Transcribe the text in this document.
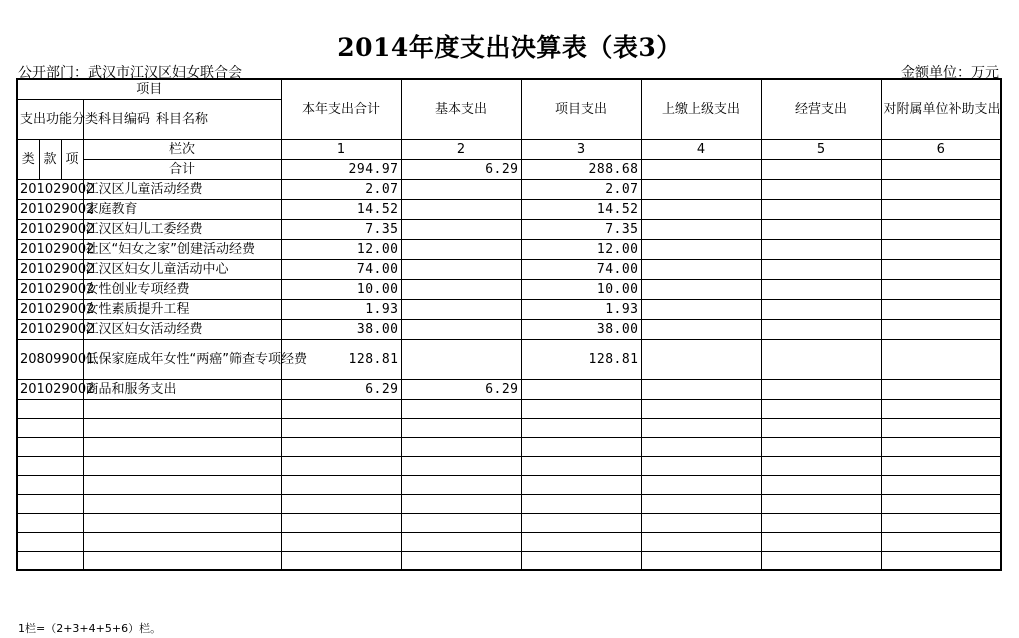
2014年度支出决算表（表3）
公开部门：武汉市江汉区妇女联合会	金额单位：万元
项目				本年支出合计	基本支出	项目支出	上缴上级支出	经营支出	对附属单位补助支出
支出功能分类科目编码			科目名称						

类	款	项	栏次	1	2	3	4	5	6
			合计	294.97	6.29	288.68			
201029002			江汉区儿童活动经费	2.07		2.07			
201029002			家庭教育	14.52		14.52			
201029002			江汉区妇儿工委经费	7.35		7.35			
201029002			社区“妇女之家”创建活动经费	12.00		12.00			
201029002			江汉区妇女儿童活动中心	74.00		74.00			
201029002			女性创业专项经费	10.00		10.00			
201029002			女性素质提升工程	1.93		1.93			
201029002			江汉区妇女活动经费	38.00		38.00			
208099001			低保家庭成年女性“两癌”筛查专项经费	128.81		128.81			
201029002			商品和服务支出	6.29	6.29				

1栏=（2+3+4+5+6）栏。
